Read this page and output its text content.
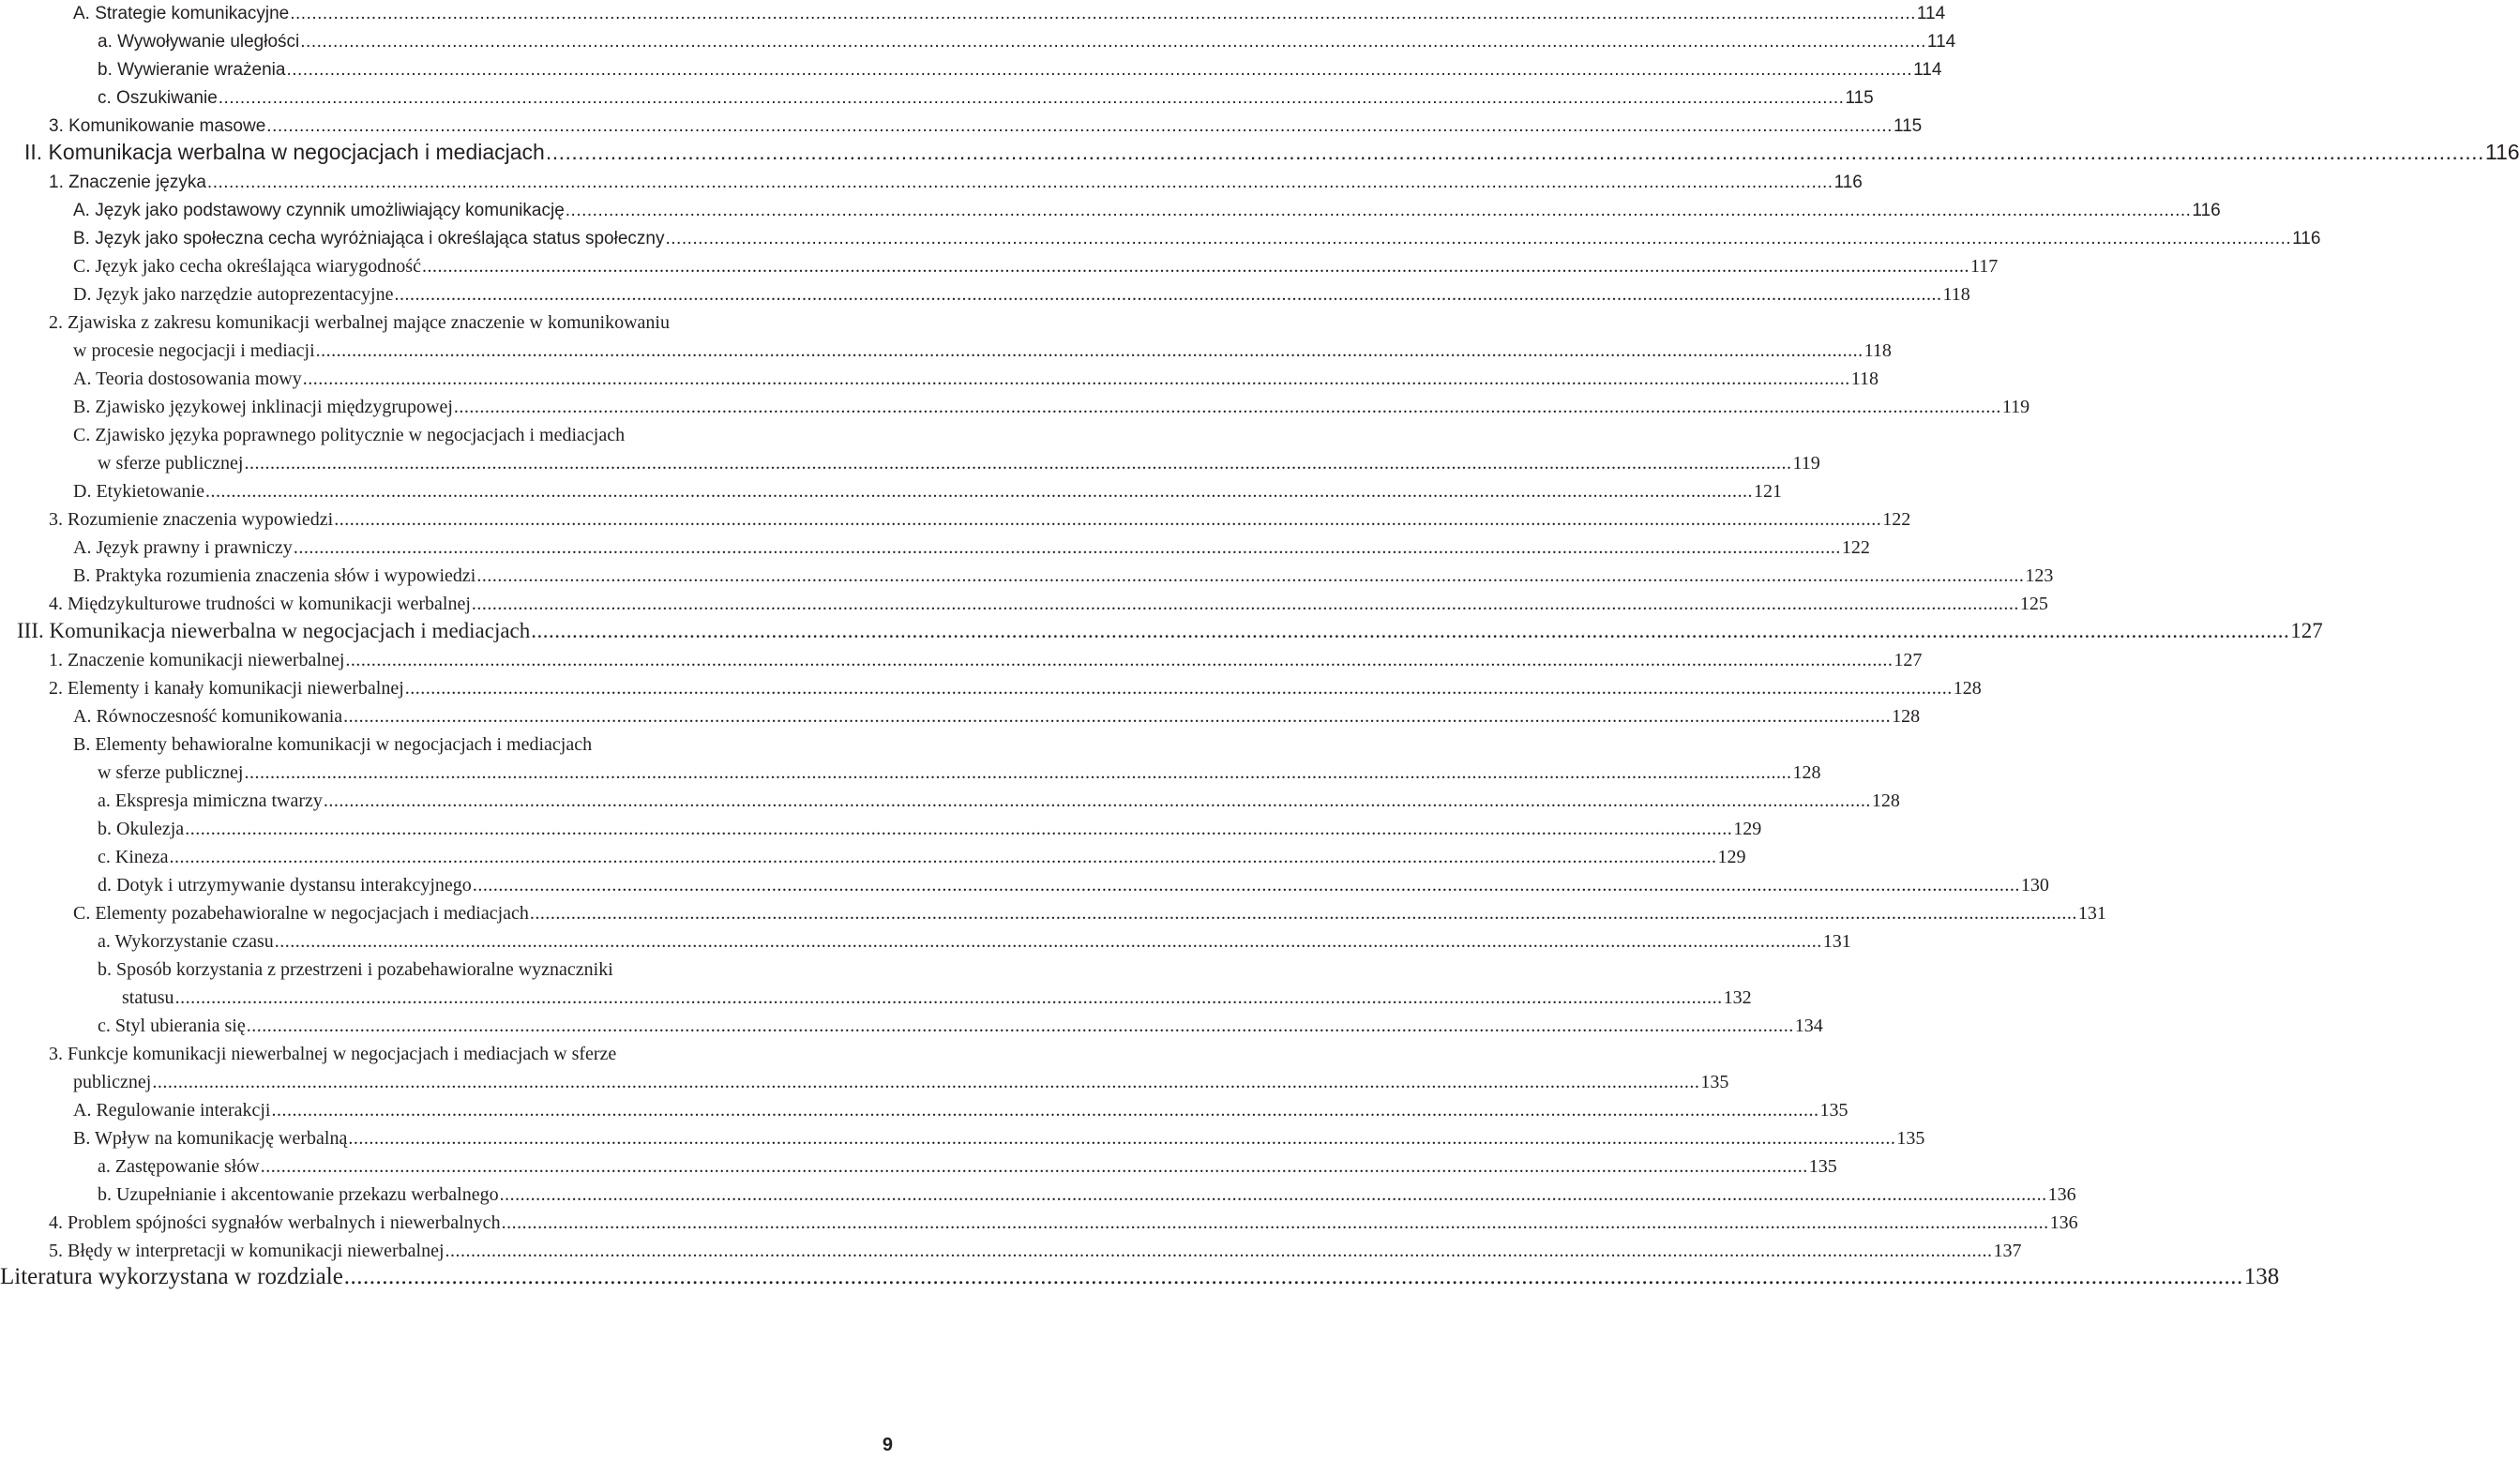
A. Strategie komunikacyjne ............................................................................................................................................................................................................................................................................................................ 114
a. Wywoływanie uległości ............................................................................................................................................................................................................................................................................................................ 114
b. Wywieranie wrażenia ............................................................................................................................................................................................................................................................................................................ 114
c. Oszukiwanie ............................................................................................................................................................................................................................................................................................................ 115
3. Komunikowanie masowe ............................................................................................................................................................................................................................................................................................................ 115
II. Komunikacja werbalna w negocjacjach i mediacjach ............................................................................................................................................................................................................................................................................................................ 116
1. Znaczenie języka ............................................................................................................................................................................................................................................................................................................ 116
A. Język jako podstawowy czynnik umożliwiający komunikację ............................................................................................................................................................................................................................................................................................................ 116
B. Język jako społeczna cecha wyróżniająca i określająca status społeczny ............................................................................................................................................................................................................................................................................................................ 116
C. Język jako cecha określająca wiarygodność ............................................................................................................................................................................................................................................................................................................ 117
D. Język jako narzędzie autoprezentacyjne ............................................................................................................................................................................................................................................................................................................ 118
2. Zjawiska z zakresu komunikacji werbalnej mające znaczenie w komunikowaniu
w procesie negocjacji i mediacji ............................................................................................................................................................................................................................................................................................................ 118
A. Teoria dostosowania mowy ............................................................................................................................................................................................................................................................................................................ 118
B. Zjawisko językowej inklinacji międzygrupowej ............................................................................................................................................................................................................................................................................................................ 119
C. Zjawisko języka poprawnego politycznie w negocjacjach i mediacjach
w sferze publicznej ............................................................................................................................................................................................................................................................................................................ 119
D. Etykietowanie ............................................................................................................................................................................................................................................................................................................ 121
3. Rozumienie znaczenia wypowiedzi ............................................................................................................................................................................................................................................................................................................ 122
A. Język prawny i prawniczy ............................................................................................................................................................................................................................................................................................................ 122
B. Praktyka rozumienia znaczenia słów i wypowiedzi ............................................................................................................................................................................................................................................................................................................ 123
4. Międzykulturowe trudności w komunikacji werbalnej ............................................................................................................................................................................................................................................................................................................ 125
III. Komunikacja niewerbalna w negocjacjach i mediacjach ............................................................................................................................................................................................................................................................................................................ 127
1. Znaczenie komunikacji niewerbalnej ............................................................................................................................................................................................................................................................................................................ 127
2. Elementy i kanały komunikacji niewerbalnej ............................................................................................................................................................................................................................................................................................................ 128
A. Równoczesność komunikowania ............................................................................................................................................................................................................................................................................................................ 128
B. Elementy behawioralne komunikacji w negocjacjach i mediacjach
w sferze publicznej ............................................................................................................................................................................................................................................................................................................ 128
a. Ekspresja mimiczna twarzy ............................................................................................................................................................................................................................................................................................................ 128
b. Okulezja ............................................................................................................................................................................................................................................................................................................ 129
c. Kineza ............................................................................................................................................................................................................................................................................................................ 129
d. Dotyk i utrzymywanie dystansu interakcyjnego ............................................................................................................................................................................................................................................................................................................ 130
C. Elementy pozabehawioralne w negocjacjach i mediacjach ............................................................................................................................................................................................................................................................................................................ 131
a. Wykorzystanie czasu ............................................................................................................................................................................................................................................................................................................ 131
b. Sposób korzystania z przestrzeni i pozabehawioralne wyznaczniki
statusu ............................................................................................................................................................................................................................................................................................................ 132
c. Styl ubierania się ............................................................................................................................................................................................................................................................................................................ 134
3. Funkcje komunikacji niewerbalnej w negocjacjach i mediacjach w sferze
publicznej ............................................................................................................................................................................................................................................................................................................ 135
A. Regulowanie interakcji ............................................................................................................................................................................................................................................................................................................ 135
B. Wpływ na komunikację werbalną ............................................................................................................................................................................................................................................................................................................ 135
a. Zastępowanie słów ............................................................................................................................................................................................................................................................................................................ 135
b. Uzupełnianie i akcentowanie przekazu werbalnego ............................................................................................................................................................................................................................................................................................................ 136
4. Problem spójności sygnałów werbalnych i niewerbalnych ............................................................................................................................................................................................................................................................................................................ 136
5. Błędy w interpretacji w komunikacji niewerbalnej ............................................................................................................................................................................................................................................................................................................ 137
Literatura wykorzystana w rozdziale ............................................................................................................................................................................................................................................................................................................ 138
9
